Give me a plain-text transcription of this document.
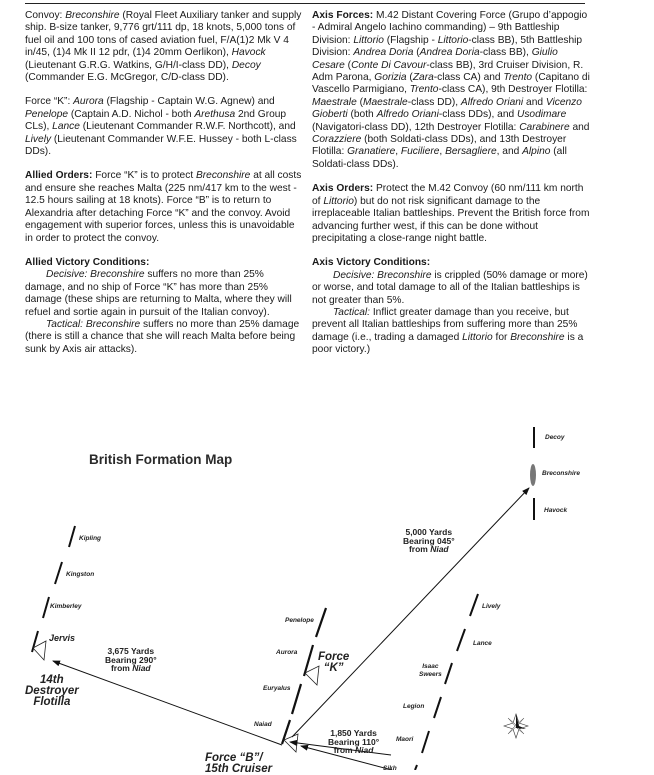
Convoy: Breconshire (Royal Fleet Auxiliary tanker and supply ship. B-size tanker, 9,776 grt/111 dp, 18 knots, 5,000 tons of fuel oil and 100 tons of cased aviation fuel, F/A(1)2 Mk V 4 in/45, (1)4 Mk II 12 pdr, (1)4 20mm Oerlikon), Havock (Lieutenant G.R.G. Watkins, G/H/I-class DD), Decoy (Commander E.G. McGregor, C/D-class DD).

Force “K”: Aurora (Flagship - Captain W.G. Agnew) and Penelope (Captain A.D. Nichol - both Arethusa 2nd Group CLs), Lance (Lieutenant Commander R.W.F. Northcott), and Lively (Lieutenant Commander W.F.E. Hussey - both L-class DDs).

Allied Orders: Force “K” is to protect Breconshire at all costs and ensure she reaches Malta (225 nm/417 km to the west - 12.5 hours sailing at 18 knots). Force “B” is to return to Alexandria after detaching Force “K” and the convoy. Avoid engagement with superior forces, unless this is unavoidable in order to protect the convoy.

Allied Victory Conditions:
Decisive: Breconshire suffers no more than 25% damage, and no ship of Force “K” has more than 25% damage (these ships are returning to Malta, where they will refuel and sortie again in pursuit of the Italian convoy).
Tactical: Breconshire suffers no more than 25% damage (there is still a chance that she will reach Malta before being sunk by Axis air attacks).

Axis Forces: M.42 Distant Covering Force (Grupo d’appogio - Admiral Angelo Iachino commanding) – 9th Battleship Division: Littorio (Flagship - Littorio-class BB), 5th Battleship Division: Andrea Doria (Andrea Doria-class BB), Giulio Cesare (Conte Di Cavour-class BB), 3rd Cruiser Division, R. Adm Parona, Gorizia (Zara-class CA) and Trento (Capitano di Vascello Parmigiano, Trento-class CA), 9th Destroyer Flotilla: Maestrale (Maestrale-class DD), Alfredo Oriani and Vicenzo Gioberti (both Alfredo Oriani-class DDs), and Usodimare (Navigatori-class DD), 12th Destroyer Flotilla: Carabinere and Corazziere (both Soldati-class DDs), and 13th Destroyer Flotilla: Granatiere, Fuciliere, Bersagliere, and Alpino (all Soldati-class DDs).

Axis Orders: Protect the M.42 Convoy (60 nm/111 km north of Littorio) but do not risk significant damage to the irreplaceable Italian battleships. Prevent the British force from advancing further west, if this can be done without precipitating a close-range night battle.

Axis Victory Conditions:
Decisive: Breconshire is crippled (50% damage or more) or worse, and total damage to all of the Italian battleships is not greater than 5%.
Tactical: Inflict greater damage than you receive, but prevent all Italian battleships from suffering more than 25% damage (i.e., trading a damaged Littorio for Breconshire is a poor victory.)

British Formation Map
Decoy
Breconshire
Havock
Kipling
Kingston
Kimberley
Jervis
Penelope
Aurora
Euryalus
Naiad
Lively
Lance
Isaac
Sweers
Legion
Maori
Sikh
14th
Destroyer
Flotilla
Force
“K”
Force “B”/
15th Cruiser
5,000 Yards
Bearing 045°
from Niad
3,675 Yards
Bearing 290°
from Niad
1,850 Yards
Bearing 110°
from Niad
